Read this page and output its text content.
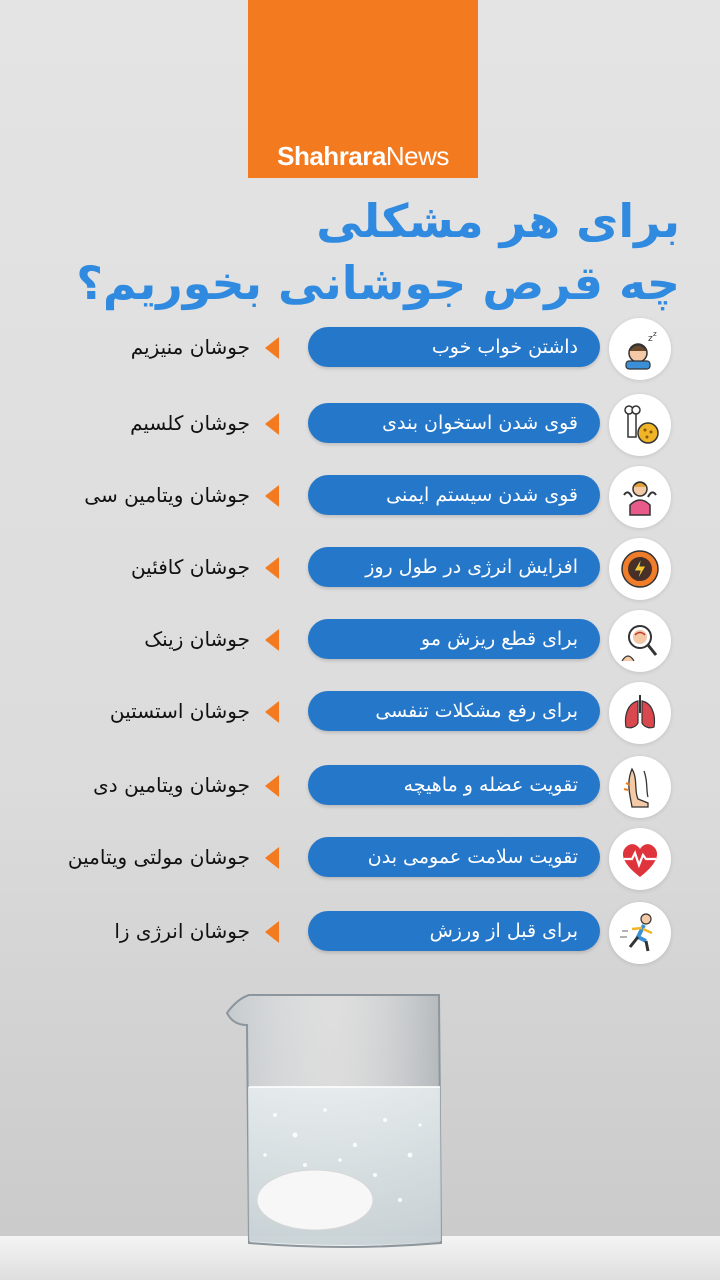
ShahraraNews
برای هر مشکلی
چه قرص جوشانی بخوریم؟
z z
داشتن خواب خوب
جوشان منیزیم
قوی شدن استخوان بندی
جوشان کلسیم
قوی شدن سیستم ایمنی
جوشان ویتامین سی
افزایش انرژی در طول روز
جوشان کافئین
برای قطع ریزش مو
جوشان زینک
برای رفع مشکلات تنفسی
جوشان استستین
تقویت عضله و ماهیچه
جوشان ویتامین دی
تقویت سلامت عمومی بدن
جوشان مولتی ویتامین
برای قبل از ورزش
جوشان انرژی زا
